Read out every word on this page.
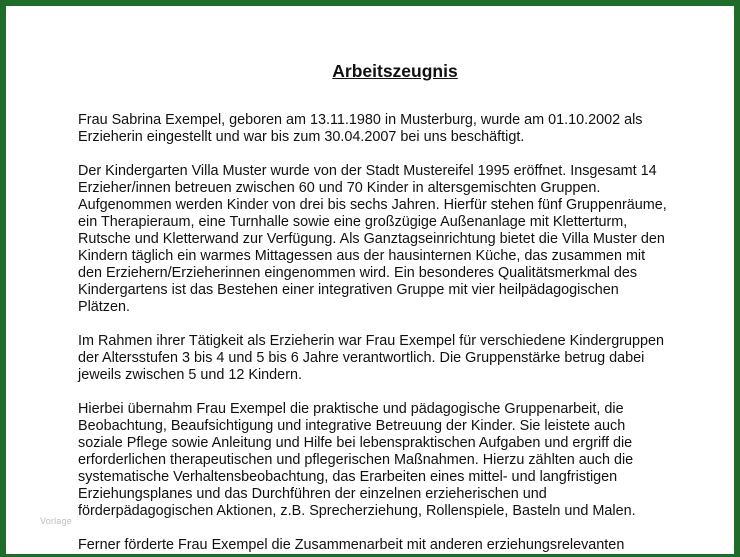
Arbeitszeugnis
Frau Sabrina Exempel, geboren am 13.11.1980 in Musterburg, wurde am 01.10.2002 als
Erzieherin eingestellt und war bis zum 30.04.2007 bei uns beschäftigt.
Der Kindergarten Villa Muster wurde von der Stadt Mustereifel 1995 eröffnet. Insgesamt 14
Erzieher/innen betreuen zwischen 60 und 70 Kinder in altersgemischten Gruppen.
Aufgenommen werden Kinder von drei bis sechs Jahren. Hierfür stehen fünf Gruppenräume,
ein Therapieraum, eine Turnhalle sowie eine großzügige Außenanlage mit Kletterturm,
Rutsche und Kletterwand zur Verfügung. Als Ganztagseinrichtung bietet die Villa Muster den
Kindern täglich ein warmes Mittagessen aus der hausinternen Küche, das zusammen mit
den Erziehern/Erzieherinnen eingenommen wird. Ein besonderes Qualitätsmerkmal des
Kindergartens ist das Bestehen einer integrativen Gruppe mit vier heilpädagogischen
Plätzen.
Im Rahmen ihrer Tätigkeit als Erzieherin war Frau Exempel für verschiedene Kindergruppen
der Altersstufen 3 bis 4 und 5 bis 6 Jahre verantwortlich. Die Gruppenstärke betrug dabei
jeweils zwischen 5 und 12 Kindern.
Hierbei übernahm Frau Exempel die praktische und pädagogische Gruppenarbeit, die
Beobachtung, Beaufsichtigung und integrative Betreuung der Kinder. Sie leistete auch
soziale Pflege sowie Anleitung und Hilfe bei lebenspraktischen Aufgaben und ergriff die
erforderlichen therapeutischen und pflegerischen Maßnahmen. Hierzu zählten auch die
systematische Verhaltensbeobachtung, das Erarbeiten eines mittel- und langfristigen
Erziehungsplanes und das Durchführen der einzelnen erzieherischen und
förderpädagogischen Aktionen, z.B. Sprecherziehung, Rollenspiele, Basteln und Malen.
Ferner förderte Frau Exempel die Zusammenarbeit mit anderen erziehungsrelevanten
Vorlage
